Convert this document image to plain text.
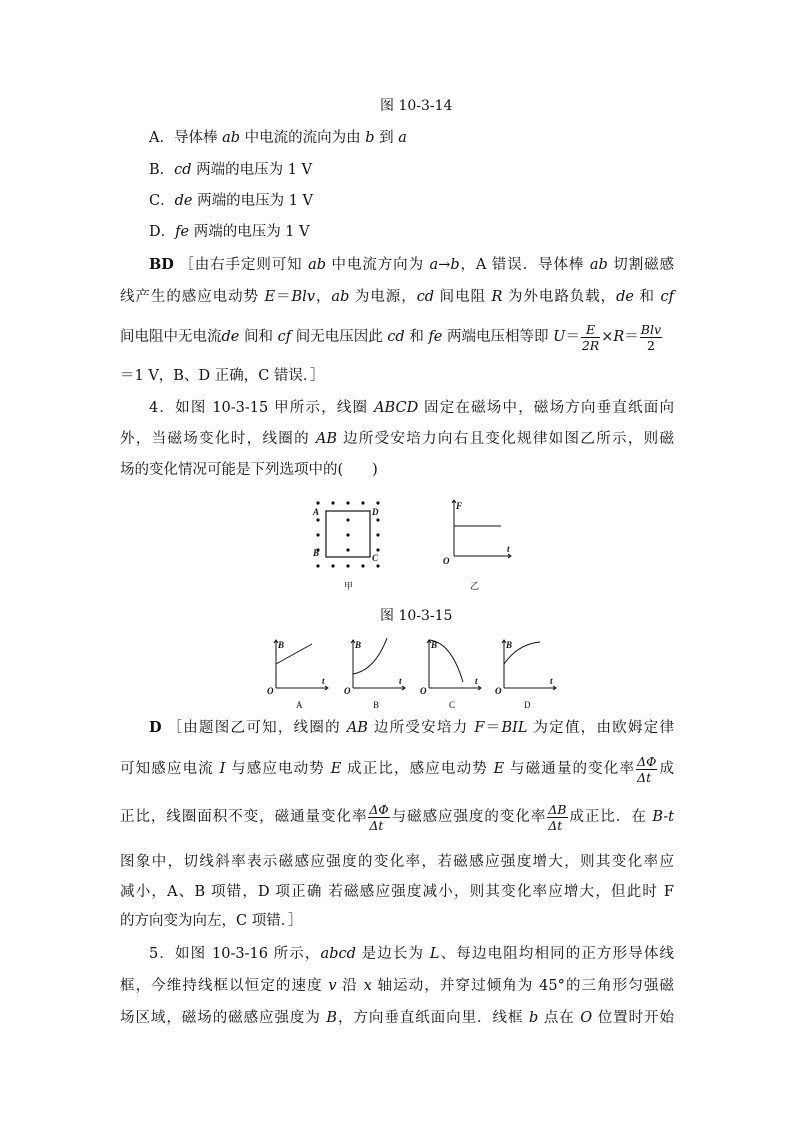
图 10-3-14
A．导体棒 ab 中电流的流向为由 b 到 a
B．cd 两端的电压为 1 V
C．de 两端的电压为 1 V
D．fe 两端的电压为 1 V
BD ［由右手定则可知 ab 中电流方向为 a→b，A 错误．导体棒 ab 切割磁感
线产生的感应电动势 E＝Blv，ab 为电源，cd 间电阻 R 为外电路负载，de 和 cf
间电阻中无电流de 间和 cf 间无电压因此 cd 和 fe 两端电压相等即 $U= \frac{E}{2R} \times R= \frac{\text{Blv}}{2}$
＝1 V，B、D 正确，C 错误．］
4．如图 10-3-15 甲所示，线圈 ABCD 固定在磁场中，磁场方向垂直纸面向
外，当磁场变化时，线圈的 AB 边所受安培力向右且变化规律如图乙所示，则磁
场的变化情况可能是下列选项中的(　　)
A	D
B	C
甲
F
t
O
乙
图 10-3-15
B
t
O
A
B
t
O
B
B
t
O
C
B
t
O
D
D ［由题图乙可知，线圈的 AB 边所受安培力 F＝BIL 为定值，由欧姆定律
可知感应电流 I 与感应电动势 E 成正比，感应电动势 E 与磁通量的变化率 $\frac{\Delta\Phi}{\Delta t}$ 成
正比，线圈面积不变，磁通量变化率 $\frac{\Delta\Phi}{\Delta t}$ 与磁感应强度的变化率 $\frac{\Delta B}{\Delta t}$ 成正比．在 B-t
图象中，切线斜率表示磁感应强度的变化率，若磁感应强度增大，则其变化率应
减小，A、B 项错，D 项正确 若磁感应强度减小，则其变化率应增大，但此时 F
的方向变为向左，C 项错．］
5．如图 10-3-16 所示，abcd 是边长为 L、每边电阻均相同的正方形导体线
框，今维持线框以恒定的速度 v 沿 x 轴运动，并穿过倾角为 45°的三角形匀强磁
场区域，磁场的磁感应强度为 B，方向垂直纸面向里．线框 b 点在 O 位置时开始
